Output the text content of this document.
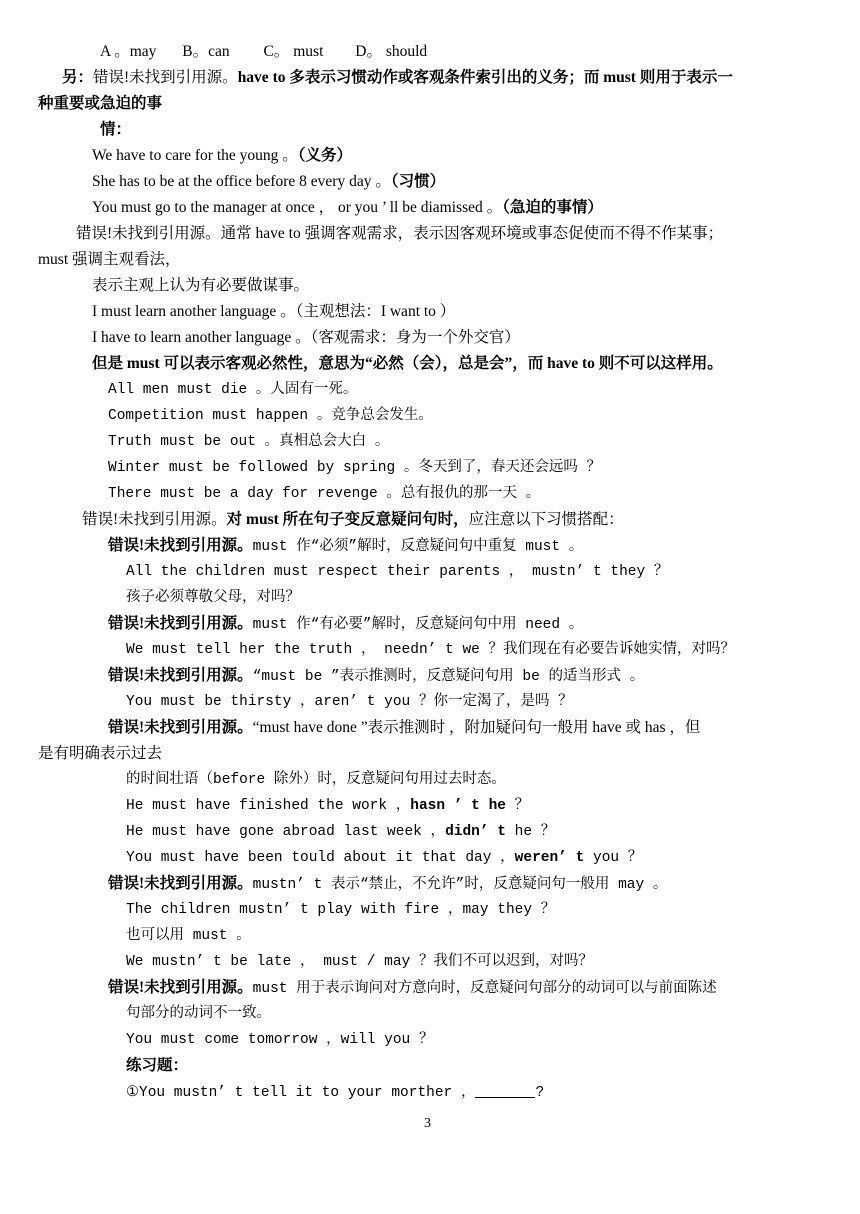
A 。may B。can C。 must D。 should
另：错误!未找到引用源。have to 多表示习惯动作或客观条件索引出的义务；而 must 则用于表示一
种重要或急迫的事
情：
We have to care for the young 。（义务）
She has to be at the office before 8 every day 。（习惯）
You must go to the manager at once ， or you ’ ll be diamissed 。（急迫的事情）
错误!未找到引用源。通常 have to 强调客观需求，表示因客观环境或事态促使而不得不作某事；
must 强调主观看法，
表示主观上认为有必要做谋事。
I must learn another language 。（主观想法：I want to ）
I have to learn another language 。（客观需求：身为一个外交官）
但是 must 可以表示客观必然性，意思为“必然（会），总是会”，而 have to 则不可以这样用。
All men must die 。人固有一死。
Competition must happen 。竞争总会发生。
Truth must be out 。真相总会大白 。
Winter must be followed by spring 。冬天到了，春天还会远吗 ？
There must be a day for revenge 。总有报仇的那一天 。
错误!未找到引用源。对 must 所在句子变反意疑问句时，应注意以下习惯搭配：
错误!未找到引用源。must 作“必须”解时，反意疑问句中重复 must 。
All the children must respect their parents ， mustn’ t they ？
孩子必须尊敬父母，对吗？
错误!未找到引用源。must 作“有必要”解时，反意疑问句中用 need 。
We must tell her the truth ， needn’ t we ？我们现在有必要告诉她实情，对吗？
错误!未找到引用源。“must be ”表示推测时，反意疑问句用 be 的适当形式 。
You must be thirsty ，aren’ t you ？你一定渴了，是吗 ？
错误!未找到引用源。“must have done ”表示推测时 ，附加疑问句一般用 have 或 has ，但
是有明确表示过去
的时间壮语（before 除外）时，反意疑问句用过去时态。
He must have finished the work ，hasn ’ t he ？
He must have gone abroad last week ，didn’ t he ？
You must have been tould about it that day ，weren’ t you ？
错误!未找到引用源。mustn’ t 表示“禁止，不允许”时，反意疑问句一般用 may 。
The children mustn’ t play with fire ，may they ？
也可以用 must 。
We mustn’ t be late ， must / may ？我们不可以迟到，对吗？
错误!未找到引用源。must 用于表示询问对方意向时，反意疑问句部分的动词可以与前面陈述
句部分的动词不一致。
You must come tomorrow ，will you ？
练习题：
①You mustn’ t tell it to your morther ，	?
3
